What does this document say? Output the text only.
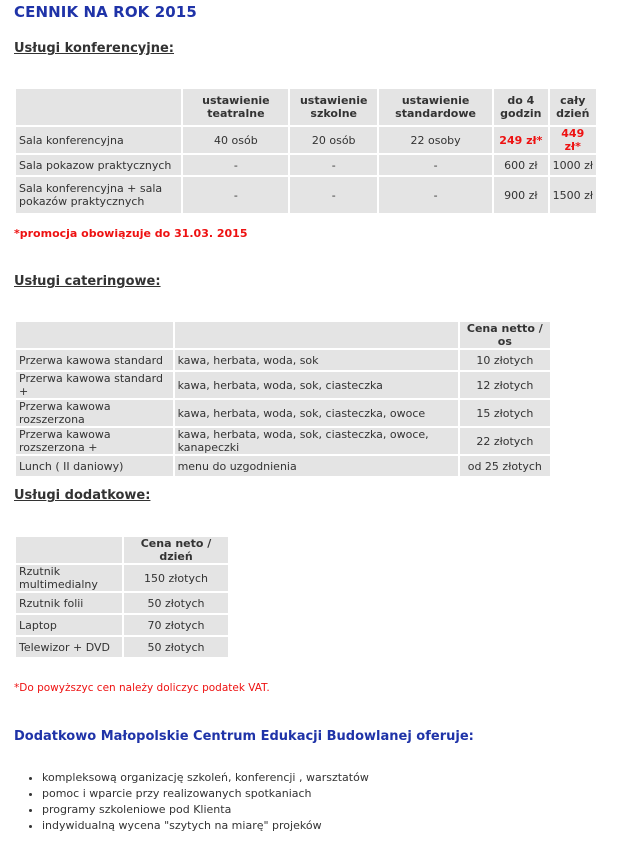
CENNIK NA ROK 2015
Usługi konferencyjne:
	ustawienie teatralne	ustawienie szkolne	ustawienie standardowe	do 4 godzin	cały dzień
Sala konferencyjna	40 osób	20 osób	22 osoby	249 zł*	449 zł*
Sala pokazow praktycznych	-	-	-	600 zł	1000 zł
Sala konferencyjna + sala pokazów praktycznych	-	-	-	900 zł	1500 zł
*promocja obowiązuje do 31.03. 2015
Usługi cateringowe:
		Cena netto / os
Przerwa kawowa standard	kawa, herbata, woda, sok	10 złotych
Przerwa kawowa standard +	kawa, herbata, woda, sok, ciasteczka	12 złotych
Przerwa kawowa rozszerzona	kawa, herbata, woda, sok, ciasteczka, owoce	15 złotych
Przerwa kawowa rozszerzona +	kawa, herbata, woda, sok, ciasteczka, owoce, kanapeczki	22 złotych
Lunch ( II daniowy)	menu do uzgodnienia	od 25 złotych
Usługi dodatkowe:
	Cena neto / dzień
Rzutnik multimedialny	150 złotych
Rzutnik folii	50 złotych
Laptop	70 złotych
Telewizor + DVD	50 złotych
*Do powyższyc cen należy doliczyc podatek VAT.
Dodatkowo Małopolskie Centrum Edukacji Budowlanej oferuje:
• kompleksową organizację szkoleń, konferencji , warsztatów
• pomoc i wparcie przy realizowanych spotkaniach
• programy szkoleniowe pod Klienta
• indywidualną wycena "szytych na miarę" projeków
